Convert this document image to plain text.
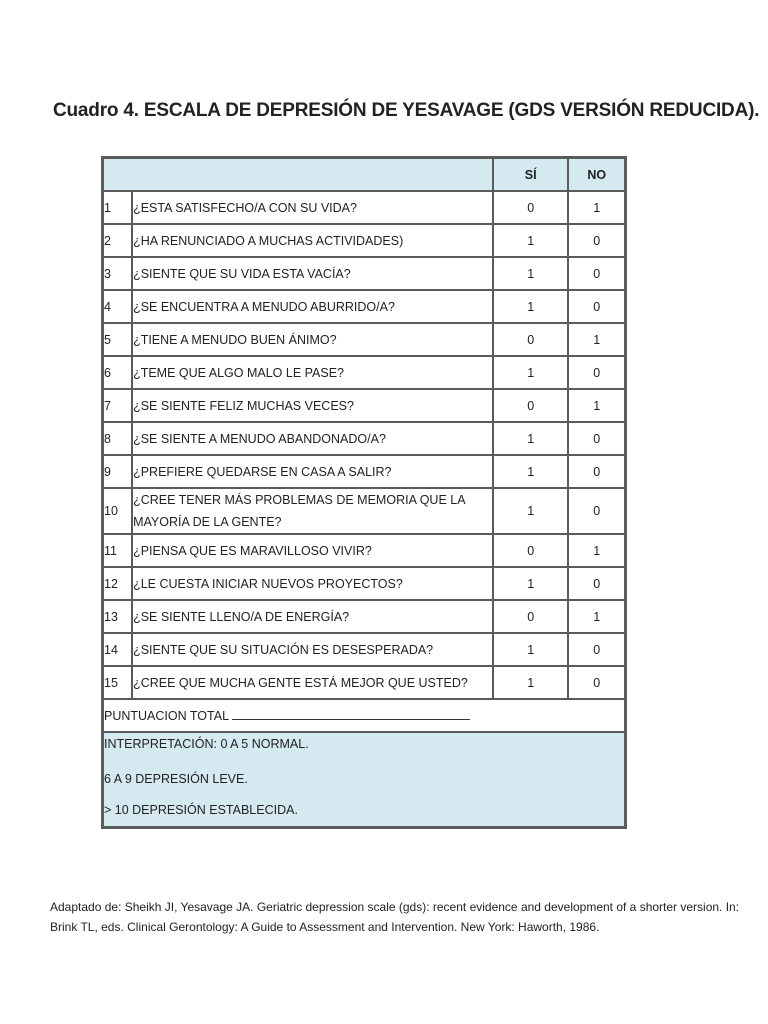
Cuadro 4. ESCALA DE DEPRESIÓN DE YESAVAGE (GDS VERSIÓN REDUCIDA).
		SÍ	NO
1	¿ESTA SATISFECHO/A CON SU VIDA?	0	1
2	¿HA RENUNCIADO A MUCHAS ACTIVIDADES)	1	0
3	¿SIENTE QUE SU VIDA ESTA VACÍA?	1	0
4	¿SE ENCUENTRA A MENUDO ABURRIDO/A?	1	0
5	¿TIENE A MENUDO BUEN ÁNIMO?	0	1
6	¿TEME QUE ALGO MALO LE PASE?	1	0
7	¿SE SIENTE FELIZ MUCHAS VECES?	0	1
8	¿SE SIENTE A MENUDO ABANDONADO/A?	1	0
9	¿PREFIERE QUEDARSE EN CASA A SALIR?	1	0
10	¿CREE TENER MÁS PROBLEMAS DE MEMORIA QUE LA MAYORÍA DE LA GENTE?	1	0
11	¿PIENSA QUE ES MARAVILLOSO VIVIR?	0	1
12	¿LE CUESTA INICIAR NUEVOS PROYECTOS?	1	0
13	¿SE SIENTE LLENO/A DE ENERGÍA?	0	1
14	¿SIENTE QUE SU SITUACIÓN ES DESESPERADA?	1	0
15	¿CREE QUE MUCHA GENTE ESTÁ MEJOR QUE USTED?	1	0
PUNTUACION TOTAL			

INTERPRETACIÓN: 0 A 5 NORMAL.
6 A 9 DEPRESIÓN LEVE.
> 10 DEPRESIÓN ESTABLECIDA.			

Adaptado de: Sheikh JI, Yesavage JA. Geriatric depression scale (gds): recent evidence and development of a shorter version. In: Brink TL, eds. Clinical Gerontology: A Guide to Assessment and Intervention. New York: Haworth, 1986.
